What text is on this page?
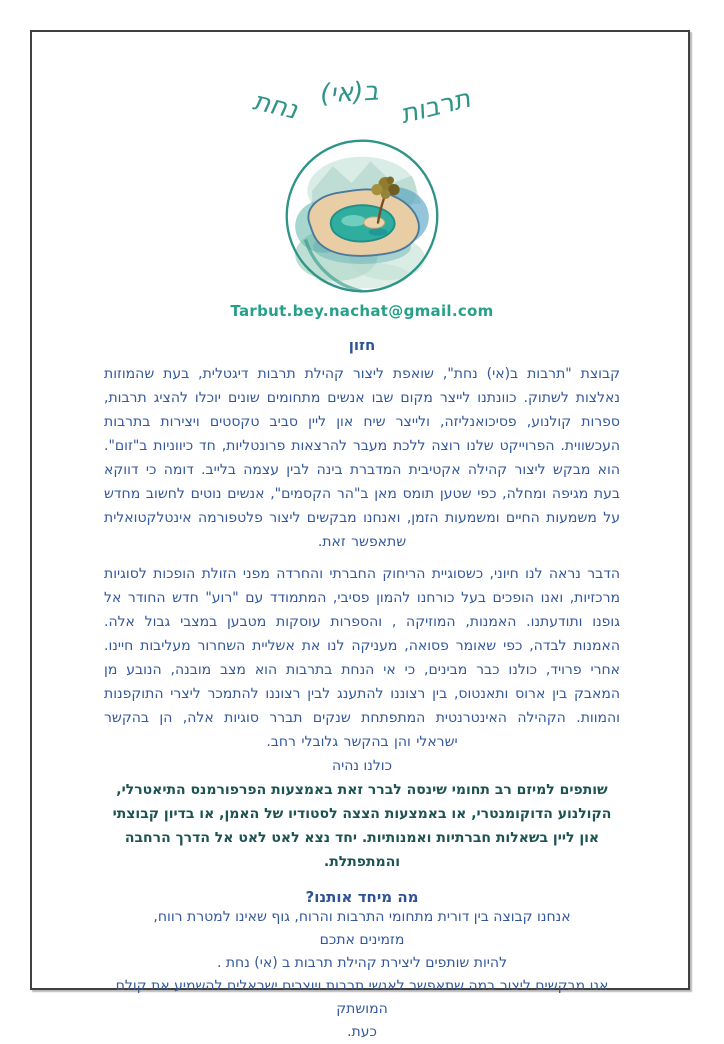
תרבות ב(אי) נחת
Tarbut.bey.nachat@gmail.com
חזון

קבוצת "תרבות ב(אי) נחת", שואפת ליצור קהילת תרבות דיגטלית, בעת שהמוזות נאלצות לשתוק. כוונתנו לייצר מקום שבו אנשים מתחומים שונים יוכלו להציג תרבות, ספרות קולנוע, פסיכואנליזה, ולייצר שיח און ליין סביב טקסטים ויצירות בתרבות העכשווית. הפרוייקט שלנו רוצה ללכת מעבר להרצאות פרונטליות, חד כיווניות ב"זום". הוא מבקש ליצור קהילה אקטיבית המדברת בינה לבין עצמה בלייב. דומה כי דווקא בעת מגיפה ומחלה, כפי שטען תומס מאן ב"הר הקסמים", אנשים נוטים לחשוב מחדש על משמעות החיים ומשמעות הזמן, ואנחנו מבקשים ליצור פלטפורמה אינטלקטואלית שתאפשר זאת.

הדבר נראה לנו חיוני, כשסוגיית הריחוק החברתי והחרדה מפני הזולת הופכות לסוגיות מרכזיות, ואנו הופכים בעל כורחנו להמון פסיבי, המתמודד עם "רוע" חדש החודר אל גופנו ותודעתנו. האמנות, המוזיקה , והספרות עוסקות מטבען במצבי גבול אלה. האמנות לבדה, כפי שאומר פסואה, מעניקה לנו את אשליית השחרור מעליבות חיינו. אחרי פרויד, כולנו כבר מבינים, כי אי הנחת בתרבות הוא מצב מובנה, הנובע מן המאבק בין ארוס ותאנטוס, בין רצוננו להתענג לבין רצוננו להתמכר ליצרי התוקפנות והמוות. הקהילה האינטרנטית המתפתחת שנקים תברר סוגיות אלה, הן בהקשר ישראלי והן בהקשר גלובלי רחב.

כולנו נהיה

שותפים למיזם רב תחומי שינסה לברר זאת באמצעות הפרפורמנס התיאטרלי, הקולנוע הדוקומנטרי, או באמצעות הצצה לסטודיו של האמן, או בדיון קבוצתי און ליין בשאלות חברתיות ואמנותיות. יחד נצא לאט לאט אל הדרך הרחבה והמתפתלת.

מה מיחד אותנו?
אנחנו קבוצה בין דורית מתחומי התרבות והרוח, גוף שאינו למטרת רווח,
מזמינים אתכם
להיות שותפים ליצירת קהילת תרבות ב (אי) נחת .
אנו מבקשים ליצור במה שתאפשר לאנשי תרבות ויוצרים ישראלים להשמיע את קולם המושתק
כעת.
